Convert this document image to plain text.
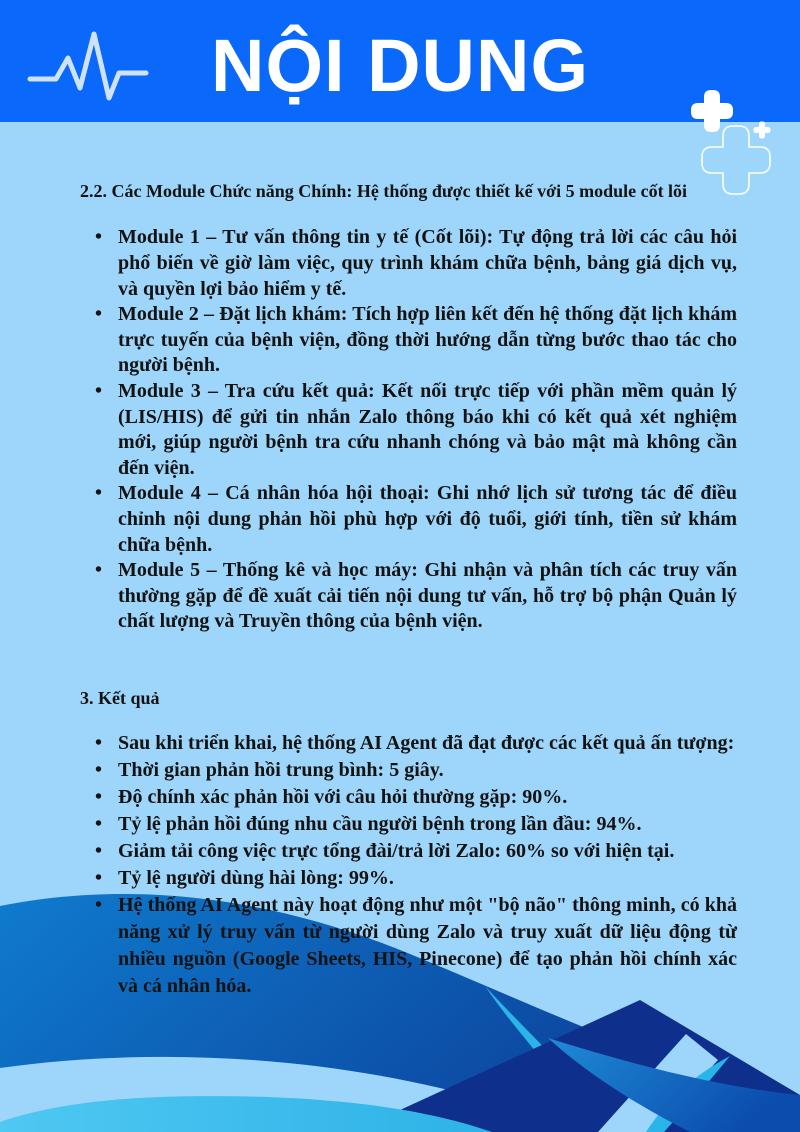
NỘI DUNG
2.2. Các Module Chức năng Chính: Hệ thống được thiết kế với 5 module cốt lõi
• Module 1 – Tư vấn thông tin y tế (Cốt lõi): Tự động trả lời các câu hỏi phổ biến về giờ làm việc, quy trình khám chữa bệnh, bảng giá dịch vụ, và quyền lợi bảo hiểm y tế.
• Module 2 – Đặt lịch khám: Tích hợp liên kết đến hệ thống đặt lịch khám trực tuyến của bệnh viện, đồng thời hướng dẫn từng bước thao tác cho người bệnh.
• Module 3 – Tra cứu kết quả: Kết nối trực tiếp với phần mềm quản lý (LIS/HIS) để gửi tin nhắn Zalo thông báo khi có kết quả xét nghiệm mới, giúp người bệnh tra cứu nhanh chóng và bảo mật mà không cần đến viện.
• Module 4 – Cá nhân hóa hội thoại: Ghi nhớ lịch sử tương tác để điều chỉnh nội dung phản hồi phù hợp với độ tuổi, giới tính, tiền sử khám chữa bệnh.
• Module 5 – Thống kê và học máy: Ghi nhận và phân tích các truy vấn thường gặp để đề xuất cải tiến nội dung tư vấn, hỗ trợ bộ phận Quản lý chất lượng và Truyền thông của bệnh viện.
3. Kết quả
• Sau khi triển khai, hệ thống AI Agent đã đạt được các kết quả ấn tượng:
• Thời gian phản hồi trung bình: 5 giây.
• Độ chính xác phản hồi với câu hỏi thường gặp: 90%.
• Tỷ lệ phản hồi đúng nhu cầu người bệnh trong lần đầu: 94%.
• Giảm tải công việc trực tổng đài/trả lời Zalo: 60% so với hiện tại.
• Tỷ lệ người dùng hài lòng: 99%.
• Hệ thống AI Agent này hoạt động như một "bộ não" thông minh, có khả năng xử lý truy vấn từ người dùng Zalo và truy xuất dữ liệu động từ nhiều nguồn (Google Sheets, HIS, Pinecone) để tạo phản hồi chính xác và cá nhân hóa.
